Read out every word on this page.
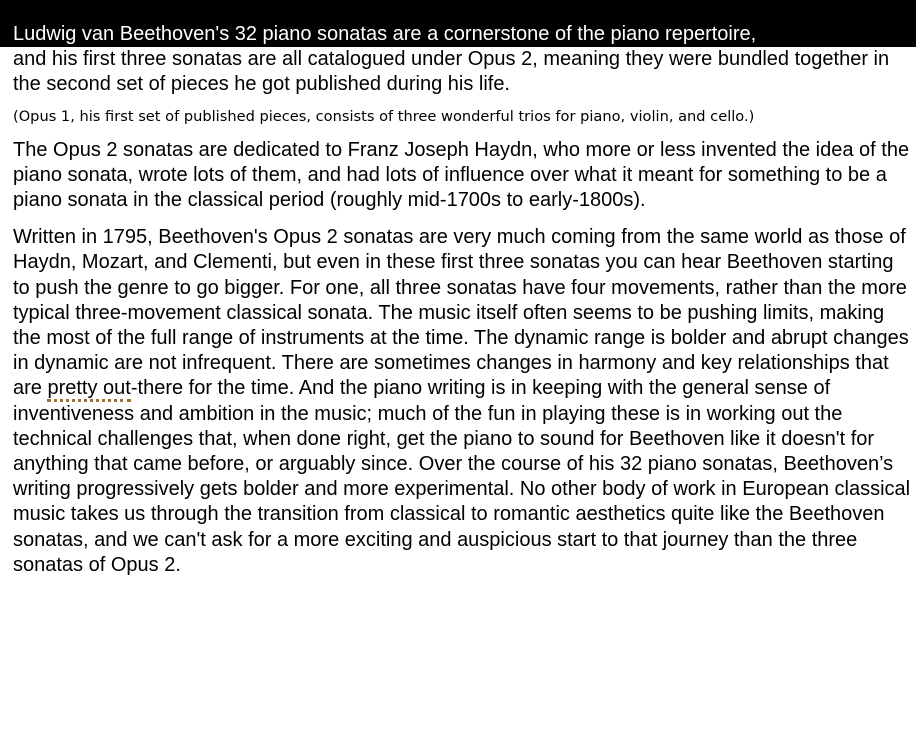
Ludwig van Beethoven's 32 piano sonatas are a cornerstone of the piano repertoire,
and his first three sonatas are all catalogued under Opus 2, meaning they were bundled together in the second set of pieces he got published during his life.

(Opus 1, his first set of published pieces, consists of three wonderful trios for piano, violin, and cello.)

The Opus 2 sonatas are dedicated to Franz Joseph Haydn, who more or less invented the idea of the piano sonata, wrote lots of them, and had lots of influence over what it meant for something to be a piano sonata in the classical period (roughly mid-1700s to early-1800s).

Written in 1795, Beethoven's Opus 2 sonatas are very much coming from the same world as those of Haydn, Mozart, and Clementi, but even in these first three sonatas you can hear Beethoven starting to push the genre to go bigger. For one, all three sonatas have four movements, rather than the more typical three-movement classical sonata. The music itself often seems to be pushing limits, making the most of the full range of instruments at the time. The dynamic range is bolder and abrupt changes in dynamic are not infrequent. There are sometimes changes in harmony and key relationships that are pretty out-there for the time. And the piano writing is in keeping with the general sense of inventiveness and ambition in the music; much of the fun in playing these is in working out the technical challenges that, when done right, get the piano to sound for Beethoven like it doesn't for anything that came before, or arguably since. Over the course of his 32 piano sonatas, Beethoven’s writing progressively gets bolder and more experimental. No other body of work in European classical music takes us through the transition from classical to romantic aesthetics quite like the Beethoven sonatas, and we can't ask for a more exciting and auspicious start to that journey than the three sonatas of Opus 2.
